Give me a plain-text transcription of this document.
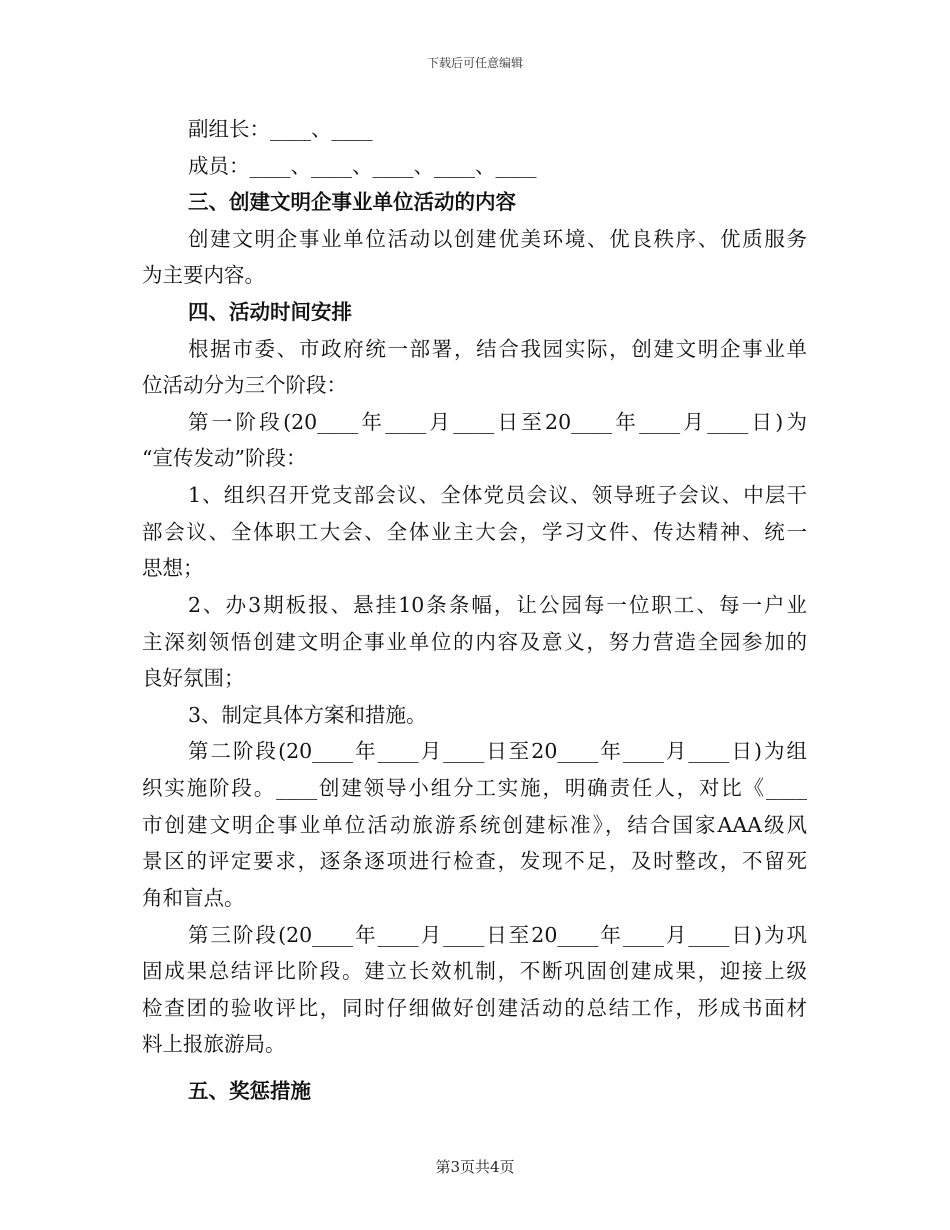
下载后可任意编辑
副组长：____、____
成员：____、____、____、____、____
三、创建文明企事业单位活动的内容
创建文明企事业单位活动以创建优美环境、优良秩序、优质服务
为主要内容。
四、活动时间安排
根据市委、市政府统一部署，结合我园实际，创建文明企事业单
位活动分为三个阶段：
第一阶段(20____年____月____日至20____年____月____日)为
“宣传发动”阶段：
1、组织召开党支部会议、全体党员会议、领导班子会议、中层干
部会议、全体职工大会、全体业主大会，学习文件、传达精神、统一
思想；
2、办3期板报、悬挂10条条幅，让公园每一位职工、每一户业
主深刻领悟创建文明企事业单位的内容及意义，努力营造全园参加的
良好氛围；
3、制定具体方案和措施。
第二阶段(20____年____月____日至20____年____月____日)为组
织实施阶段。____创建领导小组分工实施，明确责任人，对比《____
市创建文明企事业单位活动旅游系统创建标准》，结合国家AAA级风
景区的评定要求，逐条逐项进行检查，发现不足，及时整改，不留死
角和盲点。
第三阶段(20____年____月____日至20____年____月____日)为巩
固成果总结评比阶段。建立长效机制，不断巩固创建成果，迎接上级
检查团的验收评比，同时仔细做好创建活动的总结工作，形成书面材
料上报旅游局。
五、奖惩措施
第3页共4页
